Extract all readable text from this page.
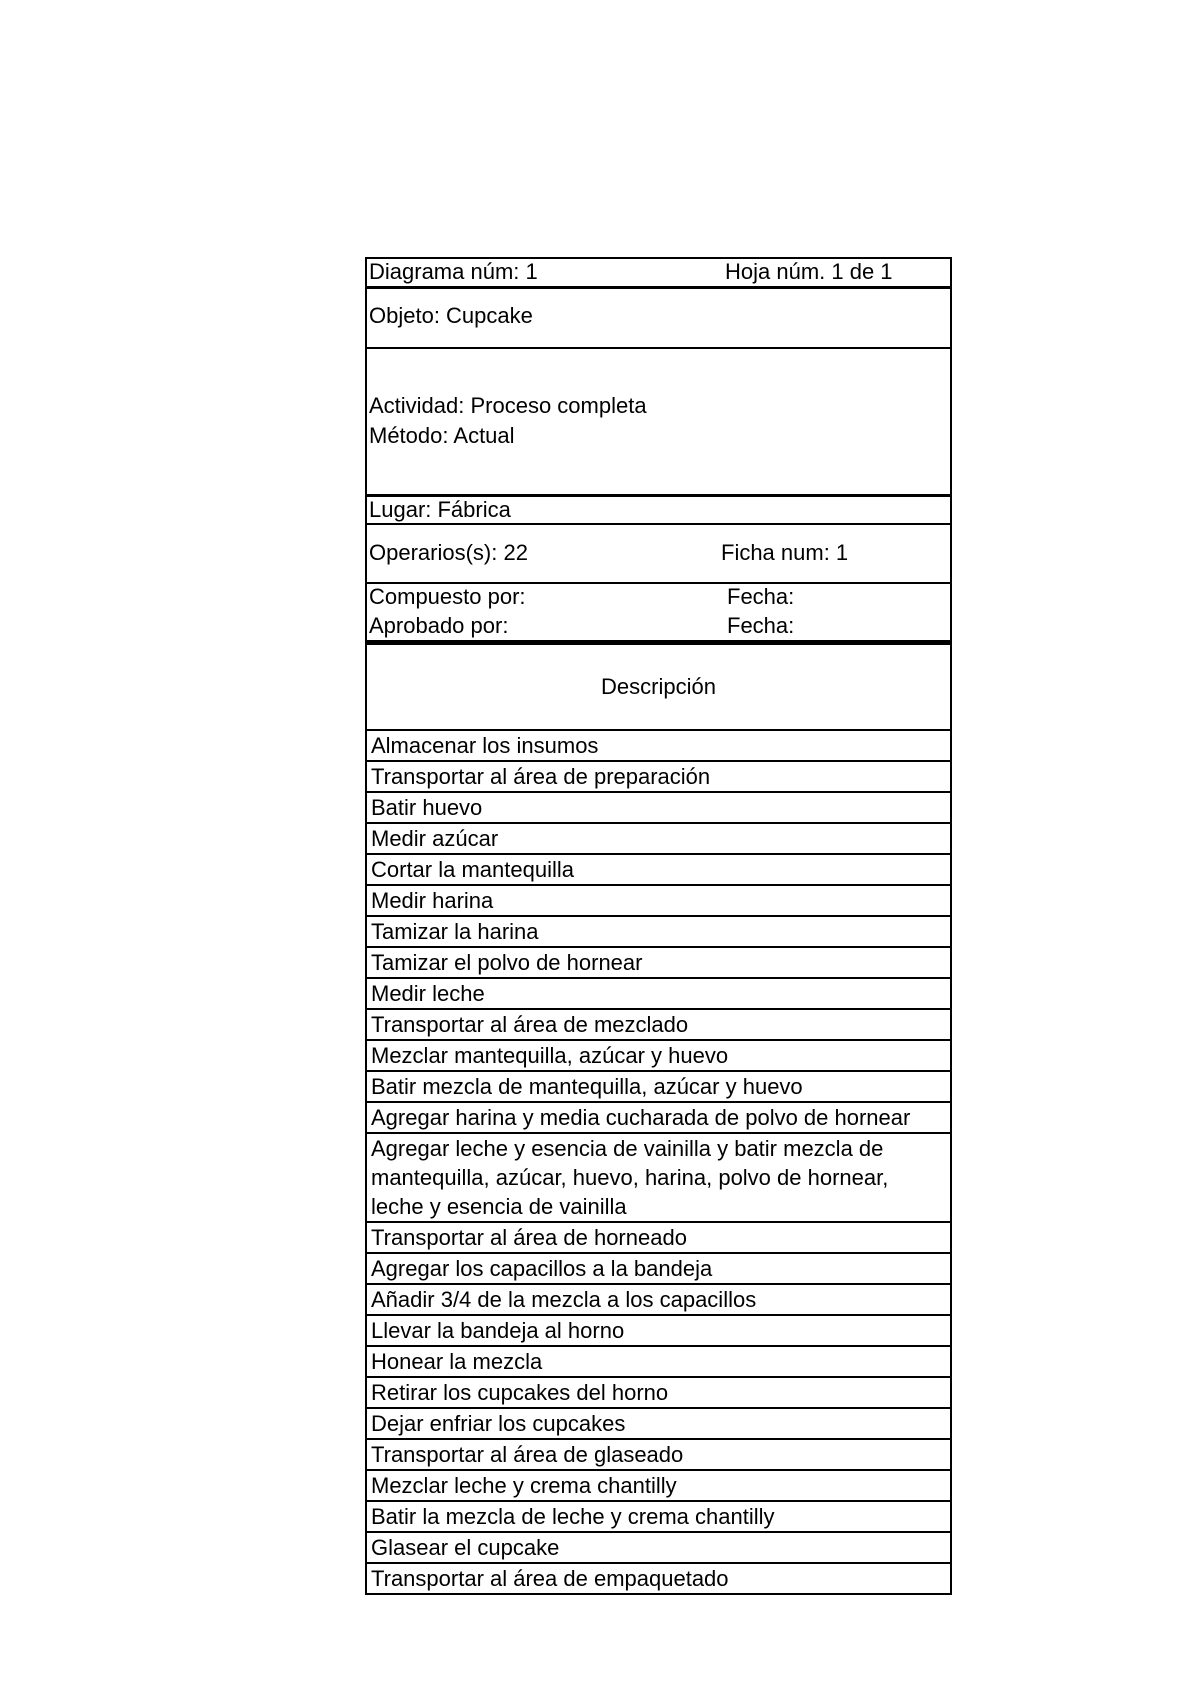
Diagrama núm: 1	Hoja núm. 1 de 1
Objeto: Cupcake
Actividad: Proceso completa
Método: Actual
Lugar: Fábrica
Operarios(s): 22	Ficha num: 1
Compuesto por:	Fecha:
Aprobado por:	Fecha:
Descripción	

Almacenar los insumos	
Transportar al área de preparación	
Batir huevo	
Medir azúcar	
Cortar la mantequilla	
Medir harina	
Tamizar la harina	
Tamizar el polvo de hornear	
Medir leche	
Transportar al área de mezclado	
Mezclar mantequilla, azúcar y huevo	
Batir mezcla de mantequilla, azúcar y huevo	
Agregar harina y media cucharada de polvo de hornear	
Agregar leche y esencia de vainilla y batir mezcla de mantequilla, azúcar, huevo, harina, polvo de hornear, leche y esencia de vainilla	
Transportar al área de horneado	
Agregar los capacillos a la bandeja	
Añadir 3/4 de la mezcla a los capacillos	
Llevar la bandeja al horno	
Honear la mezcla	
Retirar los cupcakes del horno	
Dejar enfriar los cupcakes	
Transportar al área de glaseado	
Mezclar leche y crema chantilly	
Batir la mezcla de leche y crema chantilly	
Glasear el cupcake	
Transportar al área de empaquetado	
